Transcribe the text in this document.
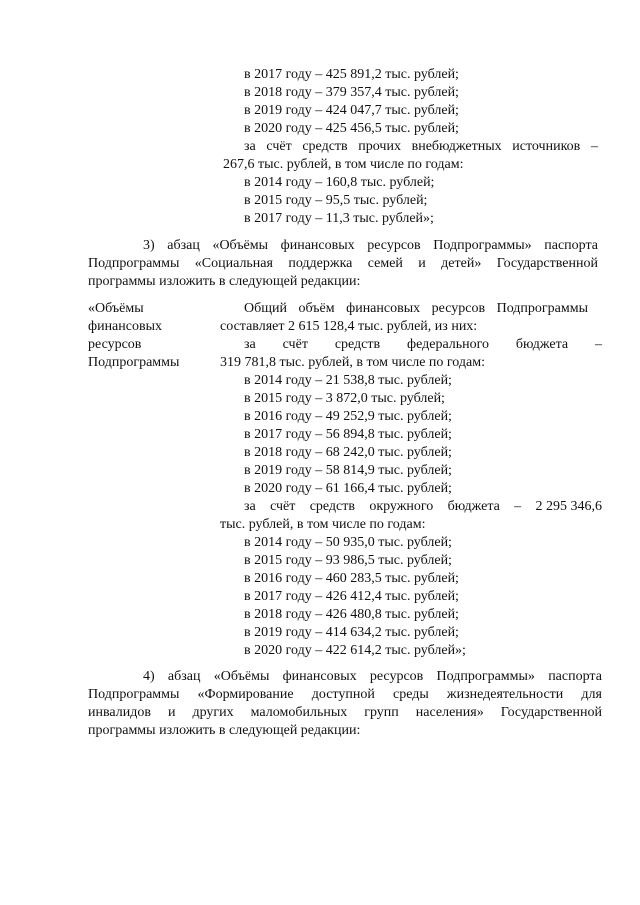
в 2017 году – 425 891,2 тыс. рублей;
в 2018 году – 379 357,4 тыс. рублей;
в 2019 году – 424 047,7 тыс. рублей;
в 2020 году – 425 456,5 тыс. рублей;
за счёт средств прочих внебюджетных источников –
267,6 тыс. рублей, в том числе по годам:
в 2014 году – 160,8 тыс. рублей;
в 2015 году – 95,5 тыс. рублей;
в 2017 году – 11,3 тыс. рублей»;
3) абзац «Объёмы финансовых ресурсов Подпрограммы» паспорта
Подпрограммы «Социальная поддержка семей и детей» Государственной
программы изложить в следующей редакции:
«Объёмы
финансовых
ресурсов
Подпрограммы
Общий объём финансовых ресурсов Подпрограммы
составляет 2 615 128,4 тыс. рублей, из них:
за счёт средств федерального бюджета –
319 781,8 тыс. рублей, в том числе по годам:
в 2014 году – 21 538,8 тыс. рублей;
в 2015 году – 3 872,0 тыс. рублей;
в 2016 году – 49 252,9 тыс. рублей;
в 2017 году – 56 894,8 тыс. рублей;
в 2018 году – 68 242,0 тыс. рублей;
в 2019 году – 58 814,9 тыс. рублей;
в 2020 году – 61 166,4 тыс. рублей;
за счёт средств окружного бюджета – 2 295 346,6
тыс. рублей, в том числе по годам:
в 2014 году – 50 935,0 тыс. рублей;
в 2015 году – 93 986,5 тыс. рублей;
в 2016 году – 460 283,5 тыс. рублей;
в 2017 году – 426 412,4 тыс. рублей;
в 2018 году – 426 480,8 тыс. рублей;
в 2019 году – 414 634,2 тыс. рублей;
в 2020 году – 422 614,2 тыс. рублей»;
4) абзац «Объёмы финансовых ресурсов Подпрограммы» паспорта
Подпрограммы «Формирование доступной среды жизнедеятельности для
инвалидов и других маломобильных групп населения» Государственной
программы изложить в следующей редакции:
